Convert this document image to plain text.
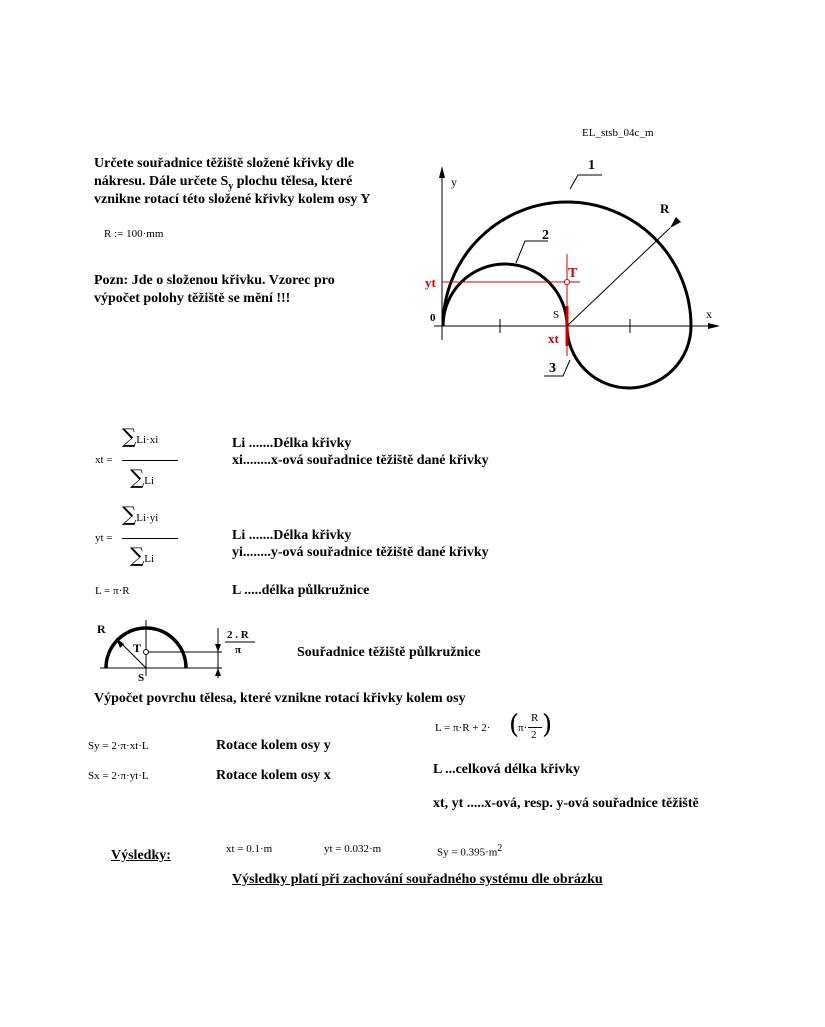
EL_stsb_04c_m
Určete souřadnice těžiště složené křivky dle
nákresu. Dále určete $S_y$ plochu tělesa, které
vznikne rotací této složené křivky kolem osy Y
R := 100·mm
Pozn: Jde o složenou křivku. Vzorec pro
výpočet polohy těžiště se mění !!!
y
x
0
1
2
3
R
T
S
yt
xt
xt =
∑Li·xi
∑Li
Li .......Délka křivky
xi........x-ová souřadnice těžiště dané křivky
yt =
∑Li·yi
∑Li
Li .......Délka křivky
yi........y-ová souřadnice těžiště dané křivky
L = π·R	L .....délka půlkružnice
R
T
S
2 . R
π	Souřadnice těžiště půlkružnice
Výpočet povrchu tělesa, které vznikne rotací křivky kolem osy
L = π·R + 2· (
π·
R
2 )
Sy = 2·π·xt·L	Rotace kolem osy y
L ...celková délka křivky
Sx = 2·π·yt·L	Rotace kolem osy x
xt, yt .....x-ová, resp. y-ová souřadnice těžiště
Výsledky:	xt = 0.1·m	yt = 0.032·m	$Sy = 0.395\cdot m^2$
Výsledky platí při zachování souřadného systému dle obrázku
